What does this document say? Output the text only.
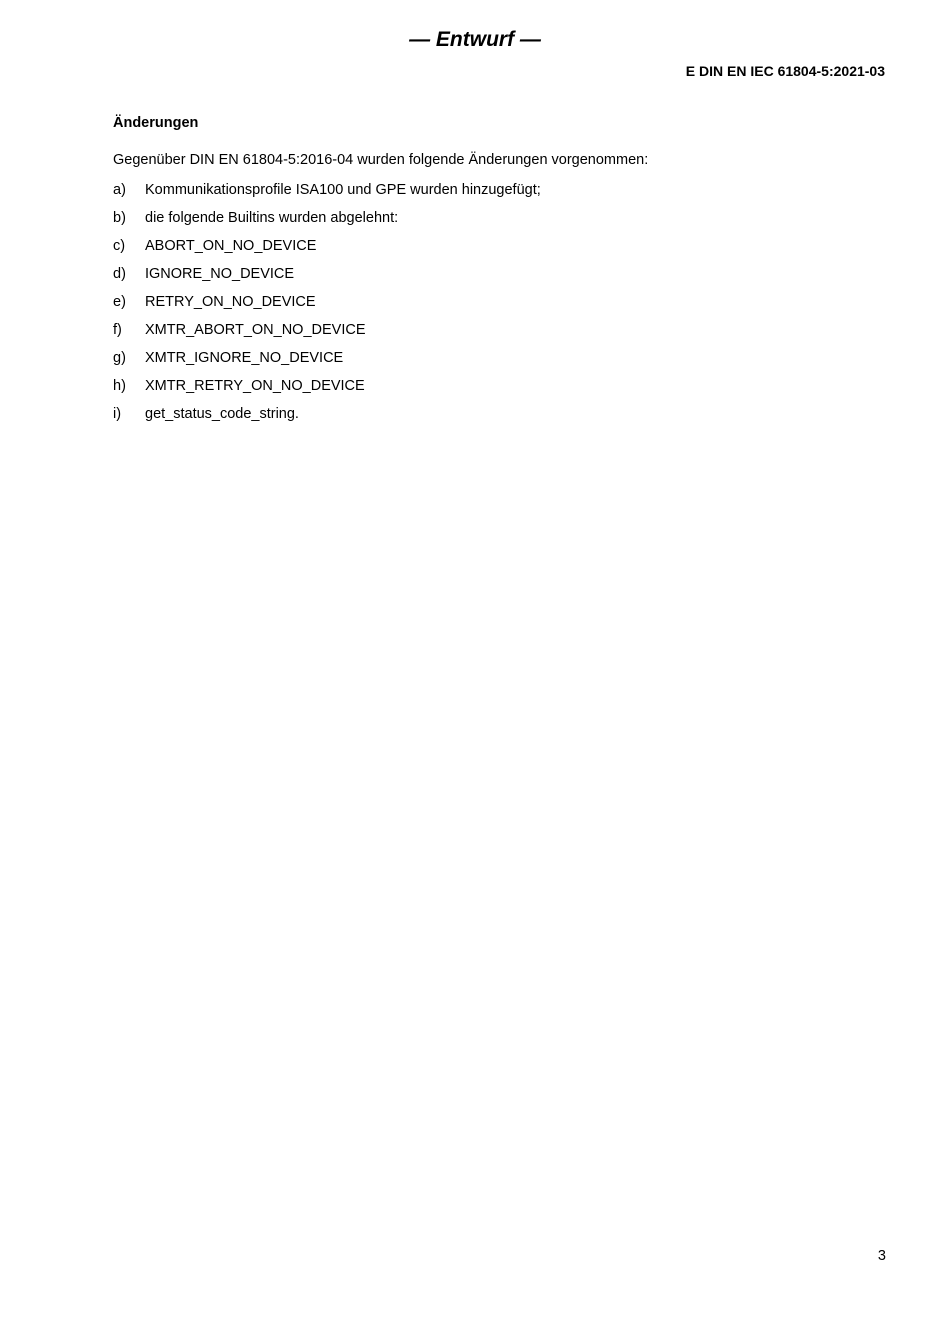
— Entwurf —
E DIN EN IEC 61804-5:2021-03
Änderungen
Gegenüber DIN EN 61804-5:2016-04 wurden folgende Änderungen vorgenommen:
a)	Kommunikationsprofile ISA100 und GPE wurden hinzugefügt;
b)	die folgende Builtins wurden abgelehnt:
c)	ABORT_ON_NO_DEVICE
d)	IGNORE_NO_DEVICE
e)	RETRY_ON_NO_DEVICE
f)	XMTR_ABORT_ON_NO_DEVICE
g)	XMTR_IGNORE_NO_DEVICE
h)	XMTR_RETRY_ON_NO_DEVICE
i)	get_status_code_string.
3
